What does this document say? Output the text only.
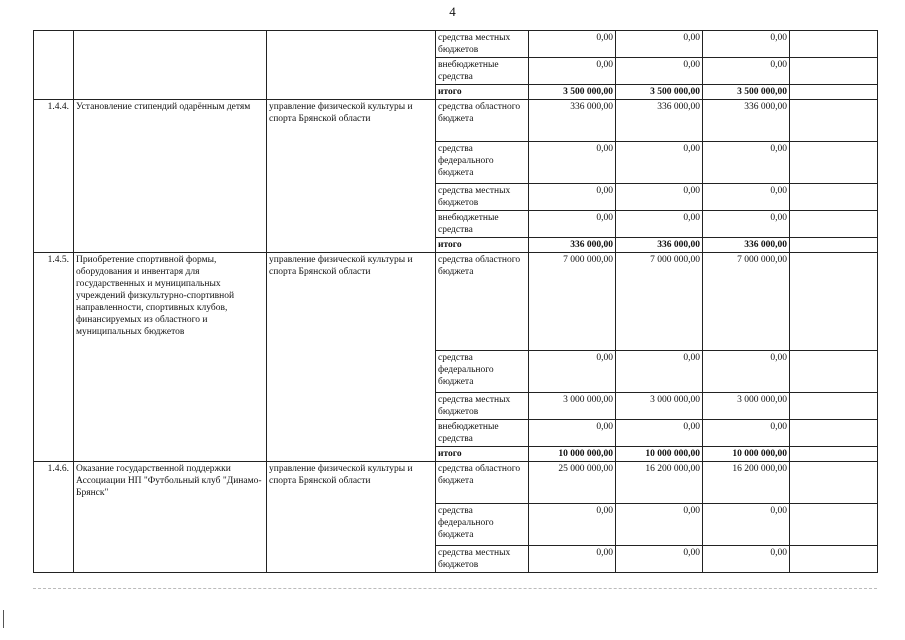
4
			средства местных бюджетов	0,00	0,00	0,00	
			внебюджетные средства	0,00	0,00	0,00	
			итого	3 500 000,00	3 500 000,00	3 500 000,00	
1.4.4.	Установление стипендий одарённым детям	управление физической культуры и спорта Брянской области	средства областного бюджета	336 000,00	336 000,00	336 000,00	
			средства федерального бюджета	0,00	0,00	0,00	
			средства местных бюджетов	0,00	0,00	0,00	
			внебюджетные средства	0,00	0,00	0,00	
			итого	336 000,00	336 000,00	336 000,00	
1.4.5.	Приобретение спортивной формы, оборудования и инвентаря для государственных и муниципальных учреждений физкультурно-спортивной направленности, спортивных клубов, финансируемых из областного и муниципальных бюджетов	управление физической культуры и спорта Брянской области	средства областного бюджета	7 000 000,00	7 000 000,00	7 000 000,00	
			средства федерального бюджета	0,00	0,00	0,00	
			средства местных бюджетов	3 000 000,00	3 000 000,00	3 000 000,00	
			внебюджетные средства	0,00	0,00	0,00	
			итого	10 000 000,00	10 000 000,00	10 000 000,00	
1.4.6.	Оказание государственной поддержки Ассоциации НП "Футбольный клуб "Динамо-Брянск"	управление физической культуры и спорта Брянской области	средства областного бюджета	25 000 000,00	16 200 000,00	16 200 000,00	
			средства федерального бюджета	0,00	0,00	0,00	
			средства местных бюджетов	0,00	0,00	0,00	
